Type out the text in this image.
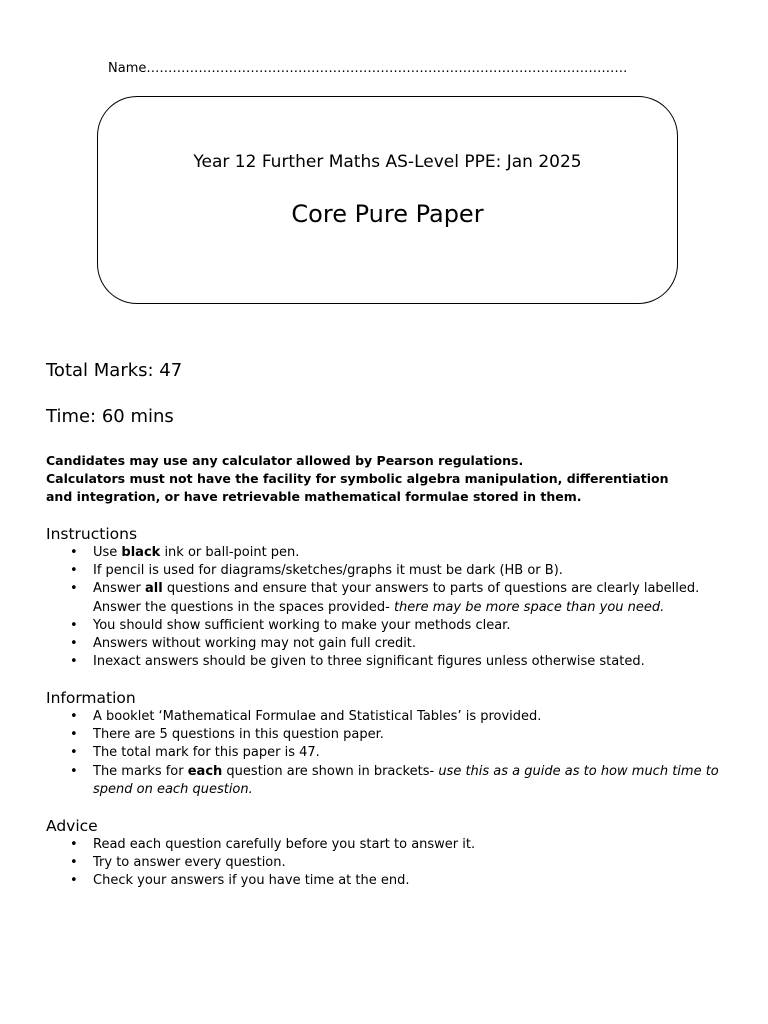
Name…………………………………………………………………………………………………
Year 12 Further Maths AS-Level PPE: Jan 2025
Core Pure Paper
Total Marks: 47
Time: 60 mins
Candidates may use any calculator allowed by Pearson regulations.
Calculators must not have the facility for symbolic algebra manipulation, differentiation and integration, or have retrievable mathematical formulae stored in them.
Instructions
• Use black ink or ball-point pen.
• If pencil is used for diagrams/sketches/graphs it must be dark (HB or B).
• Answer all questions and ensure that your answers to parts of questions are clearly labelled. Answer the questions in the spaces provided- there may be more space than you need.
• You should show sufficient working to make your methods clear.
• Answers without working may not gain full credit.
• Inexact answers should be given to three significant figures unless otherwise stated.
Information
• A booklet ‘Mathematical Formulae and Statistical Tables’ is provided.
• There are 5 questions in this question paper.
• The total mark for this paper is 47.
• The marks for each question are shown in brackets- use this as a guide as to how much time to spend on each question.
Advice
• Read each question carefully before you start to answer it.
• Try to answer every question.
• Check your answers if you have time at the end.
